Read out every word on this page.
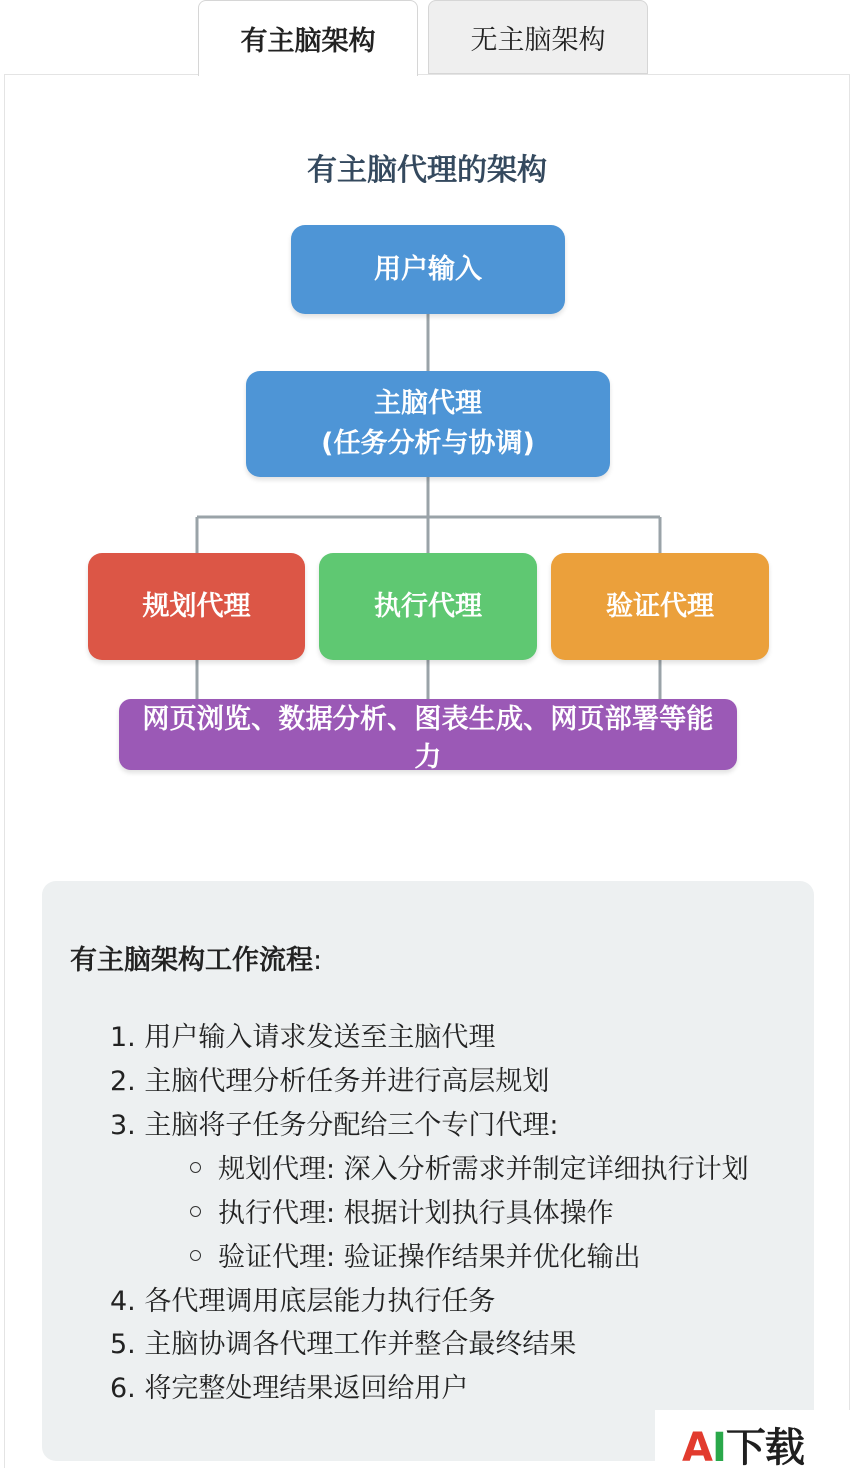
有主脑架构	无主脑架构
有主脑代理的架构
用户输入
主脑代理
(任务分析与协调)
规划代理	执行代理	验证代理
网页浏览、数据分析、图表生成、网页部署等能
力
有主脑架构工作流程:
1. 用户输入请求发送至主脑代理
2. 主脑代理分析任务并进行高层规划
3. 主脑将子任务分配给三个专门代理:
规划代理: 深入分析需求并制定详细执行计划
执行代理: 根据计划执行具体操作
验证代理: 验证操作结果并优化输出
4. 各代理调用底层能力执行任务
5. 主脑协调各代理工作并整合最终结果
6. 将完整处理结果返回给用户
AI下载
